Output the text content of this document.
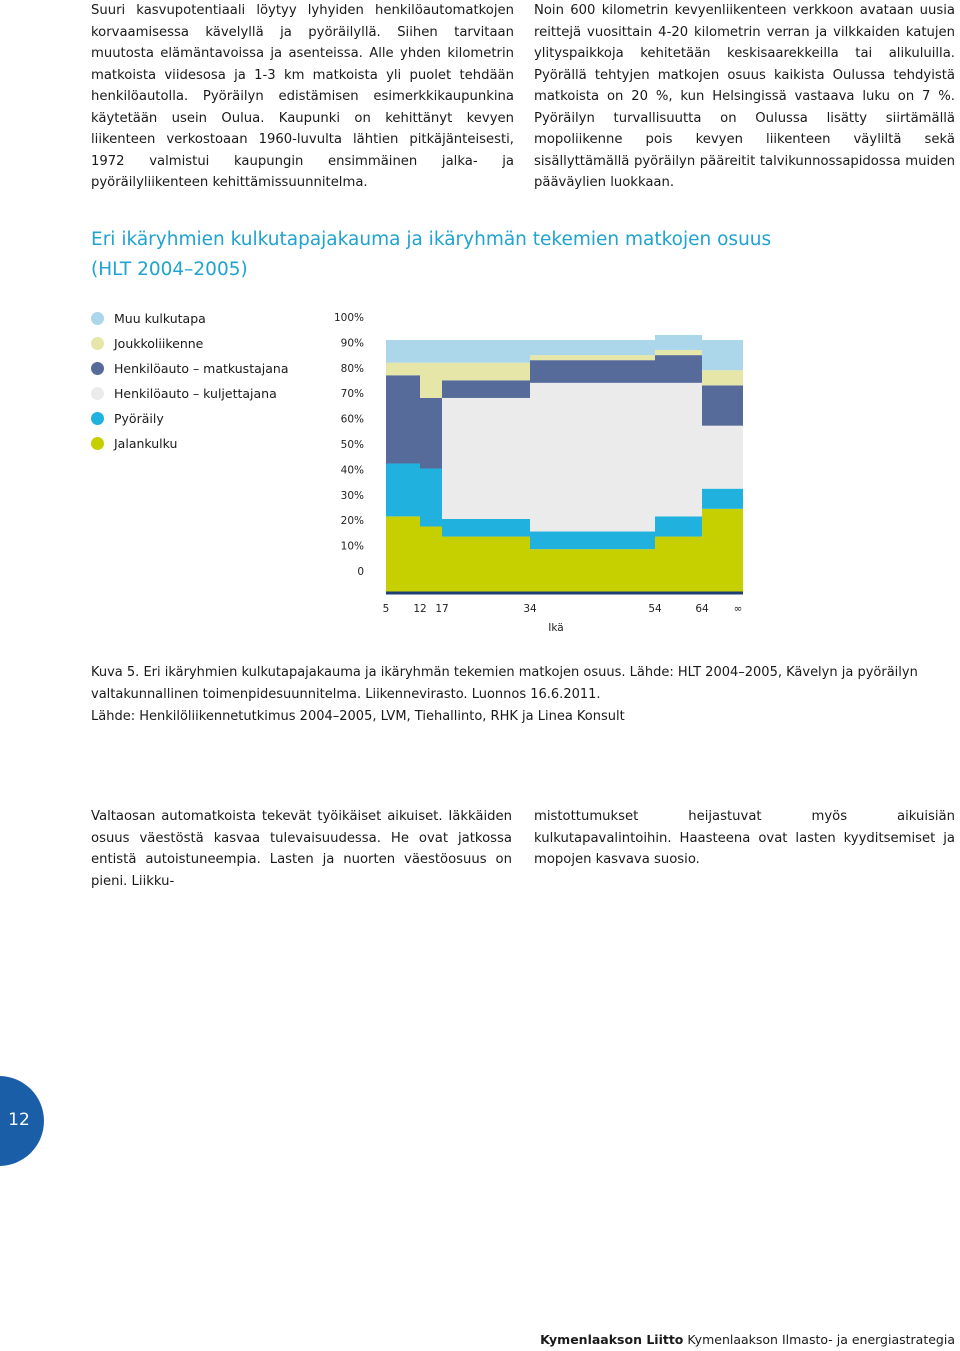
Suuri kasvupotentiaali löytyy lyhyiden henkilöautomatkojen korvaamisessa kävelyllä ja pyöräilyllä. Siihen tarvitaan muutosta elämäntavoissa ja asenteissa. Alle yhden kilometrin matkoista viidesosa ja 1-3 km matkoista yli puolet tehdään henkilöautolla. Pyöräilyn edistämisen esimerkkikaupunkina käytetään usein Oulua. Kaupunki on kehittänyt kevyen liikenteen verkostoaan 1960-luvulta lähtien pitkäjänteisesti, 1972 valmistui kaupungin ensimmäinen jalka- ja pyöräilyliikenteen kehittämissuunnitelma.

Noin 600 kilometrin kevyenliikenteen verkkoon avataan uusia reittejä vuosittain 4-20 kilometrin verran ja vilkkaiden katujen ylityspaikkoja kehitetään keskisaarekkeilla tai alikuluilla. Pyörällä tehtyjen matkojen osuus kaikista Oulussa tehdyistä matkoista on 20 %, kun Helsingissä vastaava luku on 7 %. Pyöräilyn turvallisuutta on Oulussa lisätty siirtämällä mopoliikenne pois kevyen liikenteen väyliltä sekä sisällyttämällä pyöräilyn pääreitit talvikunnossapidossa muiden pääväylien luokkaan.

Eri ikäryhmien kulkutapajakauma ja ikäryhmän tekemien matkojen osuus (HLT 2004–2005)
Muu kulkutapa
Joukkoliikenne
Henkilöauto – matkustajana
Henkilöauto – kuljettajana
Pyöräily
Jalankulku
0
10%
20%
30%
40%
50%
60%
70%
80%
90%
100%
5 12 17	34	54	64 ∞
Ikä

Kuva 5. Eri ikäryhmien kulkutapajakauma ja ikäryhmän tekemien matkojen osuus. Lähde: HLT 2004–2005, Kävelyn ja pyöräilyn valtakunnallinen toimenpidesuunnitelma. Liikennevirasto. Luonnos 16.6.2011.

Lähde: Henkilöliikennetutkimus 2004–2005, LVM, Tiehallinto, RHK ja Linea Konsult

Valtaosan automatkoista tekevät työikäiset aikuiset. Iäkkäiden osuus väestöstä kasvaa tulevaisuudessa. He ovat jatkossa entistä autoistuneempia. Lasten ja nuorten väestöosuus on pieni. Liikku-

mistottumukset heijastuvat myös aikuisiän kulkutapavalintoihin. Haasteena ovat lasten kyyditsemiset ja mopojen kasvava suosio.

12
Kymenlaakson Liitto Kymenlaakson Ilmasto- ja energiastrategia
